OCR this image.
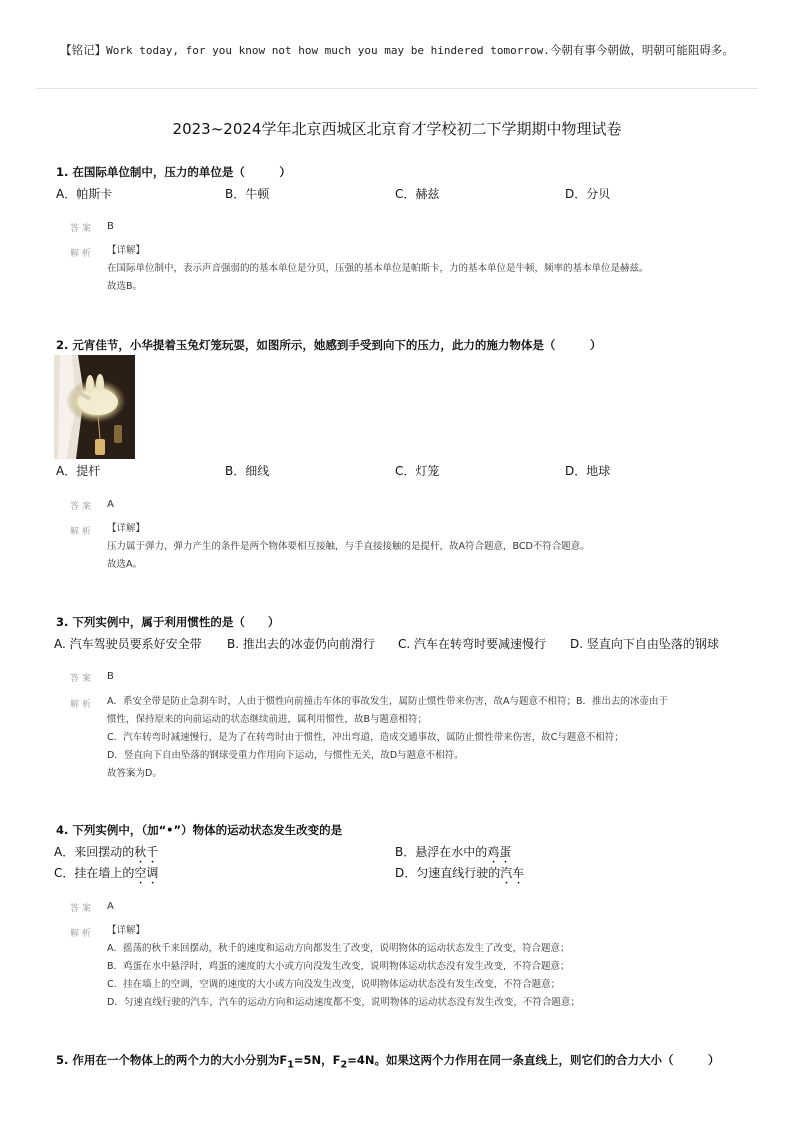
【铭记】Work today, for you know not how much you may be hindered tomorrow.今朝有事今朝做，明朝可能阻碍多。
2023~2024学年北京西城区北京育才学校初二下学期期中物理试卷
1. 在国际单位制中，压力的单位是（　　　）
A．帕斯卡	B．牛顿	C．赫兹	D．分贝
答案 B
解析 【详解】
在国际单位制中，表示声音强弱的的基本单位是分贝，压强的基本单位是帕斯卡，力的基本单位是牛顿，频率的基本单位是赫兹。
故选B。
2. 元宵佳节，小华提着玉兔灯笼玩耍，如图所示，她感到手受到向下的压力，此力的施力物体是（　　　）
A．提杆	B．细线	C．灯笼	D．地球
答案 A
解析 【详解】
压力属于弹力，弹力产生的条件是两个物体要相互接触，与手直接接触的是提杆，故A符合题意，BCD不符合题意。
故选A。
3. 下列实例中，属于利用惯性的是（　　）
A. 汽车驾驶员要系好安全带 B. 推出去的冰壶仍向前滑行 C. 汽车在转弯时要减速慢行 D. 竖直向下自由坠落的钢球
答案 B
解析 A．系安全带是防止急刹车时，人由于惯性向前撞击车体的事故发生，属防止惯性带来伤害，故A与题意不相符；B．推出去的冰壶由于
惯性，保持原来的向前运动的状态继续前进，属利用惯性，故B与题意相符；
C．汽车转弯时减速慢行，是为了在转弯时由于惯性，冲出弯道，造成交通事故，属防止惯性带来伤害，故C与题意不相符；
D．竖直向下自由坠落的钢球受重力作用向下运动，与惯性无关，故D与题意不相符。
故答案为D。
4. 下列实例中，（加“•”）物体的运动状态发生改变的是
A．来回摆动的秋千	B．悬浮在水中的鸡蛋
C．挂在墙上的空调	D．匀速直线行驶的汽车
答案 A
解析 【详解】
A．摇荡的秋千来回摆动，秋千的速度和运动方向都发生了改变，说明物体的运动状态发生了改变，符合题意；
B．鸡蛋在水中悬浮时，鸡蛋的速度的大小或方向没发生改变，说明物体运动状态没有发生改变，不符合题意；
C．挂在墙上的空调，空调的速度的大小或方向没发生改变，说明物体运动状态没有发生改变，不符合题意；
D．匀速直线行驶的汽车，汽车的运动方向和运动速度都不变，说明物体的运动状态没有发生改变，不符合题意；
5. 作用在一个物体上的两个力的大小分别为$F_1=5N$，$F_2=4N$。如果这两个力作用在同一条直线上，则它们的合力大小（　　　）
